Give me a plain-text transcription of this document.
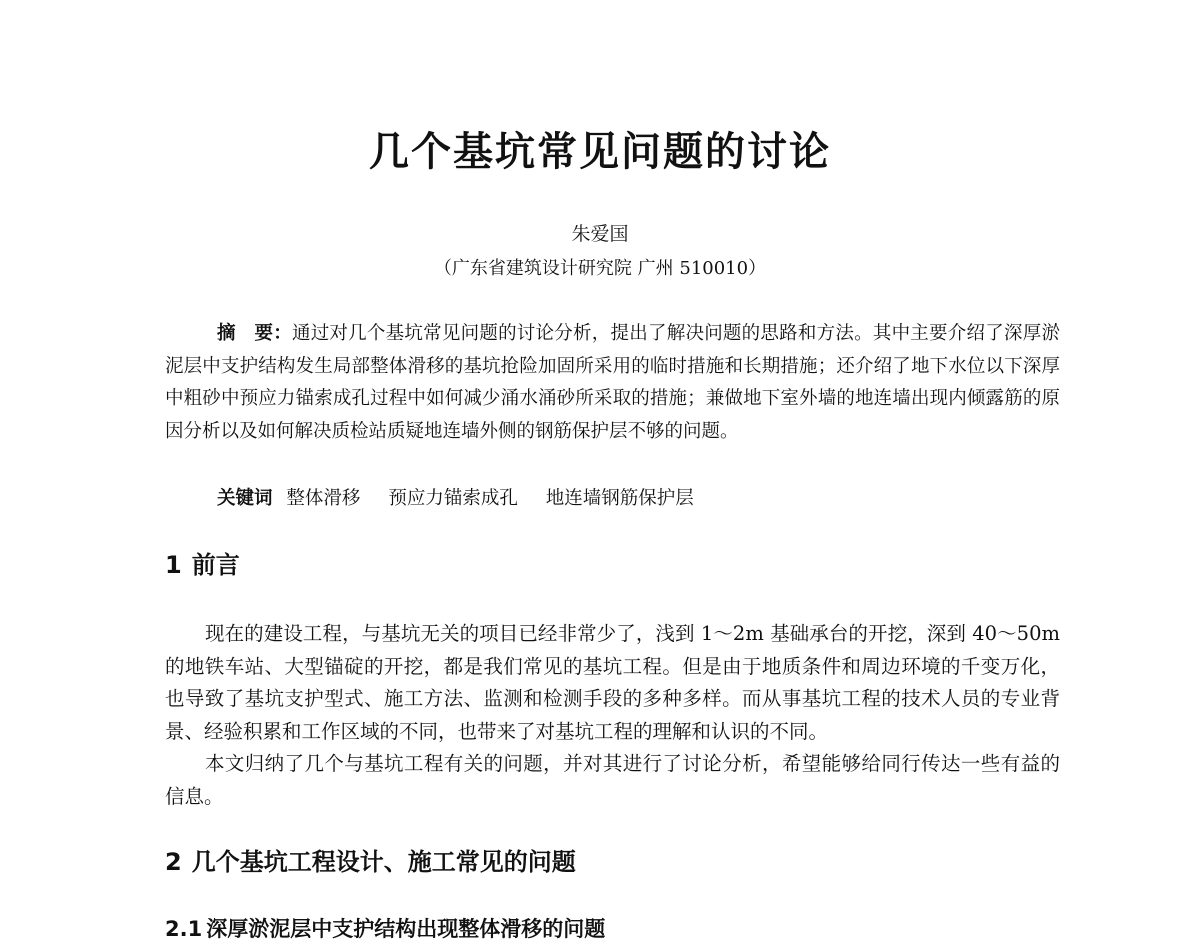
几个基坑常见问题的讨论
朱爱国
（广东省建筑设计研究院 广州 510010）

摘　要：通过对几个基坑常见问题的讨论分析，提出了解决问题的思路和方法。其中主要介绍了深厚淤泥层中支护结构发生局部整体滑移的基坑抢险加固所采用的临时措施和长期措施；还介绍了地下水位以下深厚中粗砂中预应力锚索成孔过程中如何减少涌水涌砂所采取的措施；兼做地下室外墙的地连墙出现内倾露筋的原因分析以及如何解决质检站质疑地连墙外侧的钢筋保护层不够的问题。

关键词 整体滑移 预应力锚索成孔 地连墙钢筋保护层
1 前言

现在的建设工程，与基坑无关的项目已经非常少了，浅到 1～2m 基础承台的开挖，深到 40～50m 的地铁车站、大型锚碇的开挖，都是我们常见的基坑工程。但是由于地质条件和周边环境的千变万化，也导致了基坑支护型式、施工方法、监测和检测手段的多种多样。而从事基坑工程的技术人员的专业背景、经验积累和工作区域的不同，也带来了对基坑工程的理解和认识的不同。

本文归纳了几个与基坑工程有关的问题，并对其进行了讨论分析，希望能够给同行传达一些有益的信息。

2 几个基坑工程设计、施工常见的问题
2.1 深厚淤泥层中支护结构出现整体滑移的问题
